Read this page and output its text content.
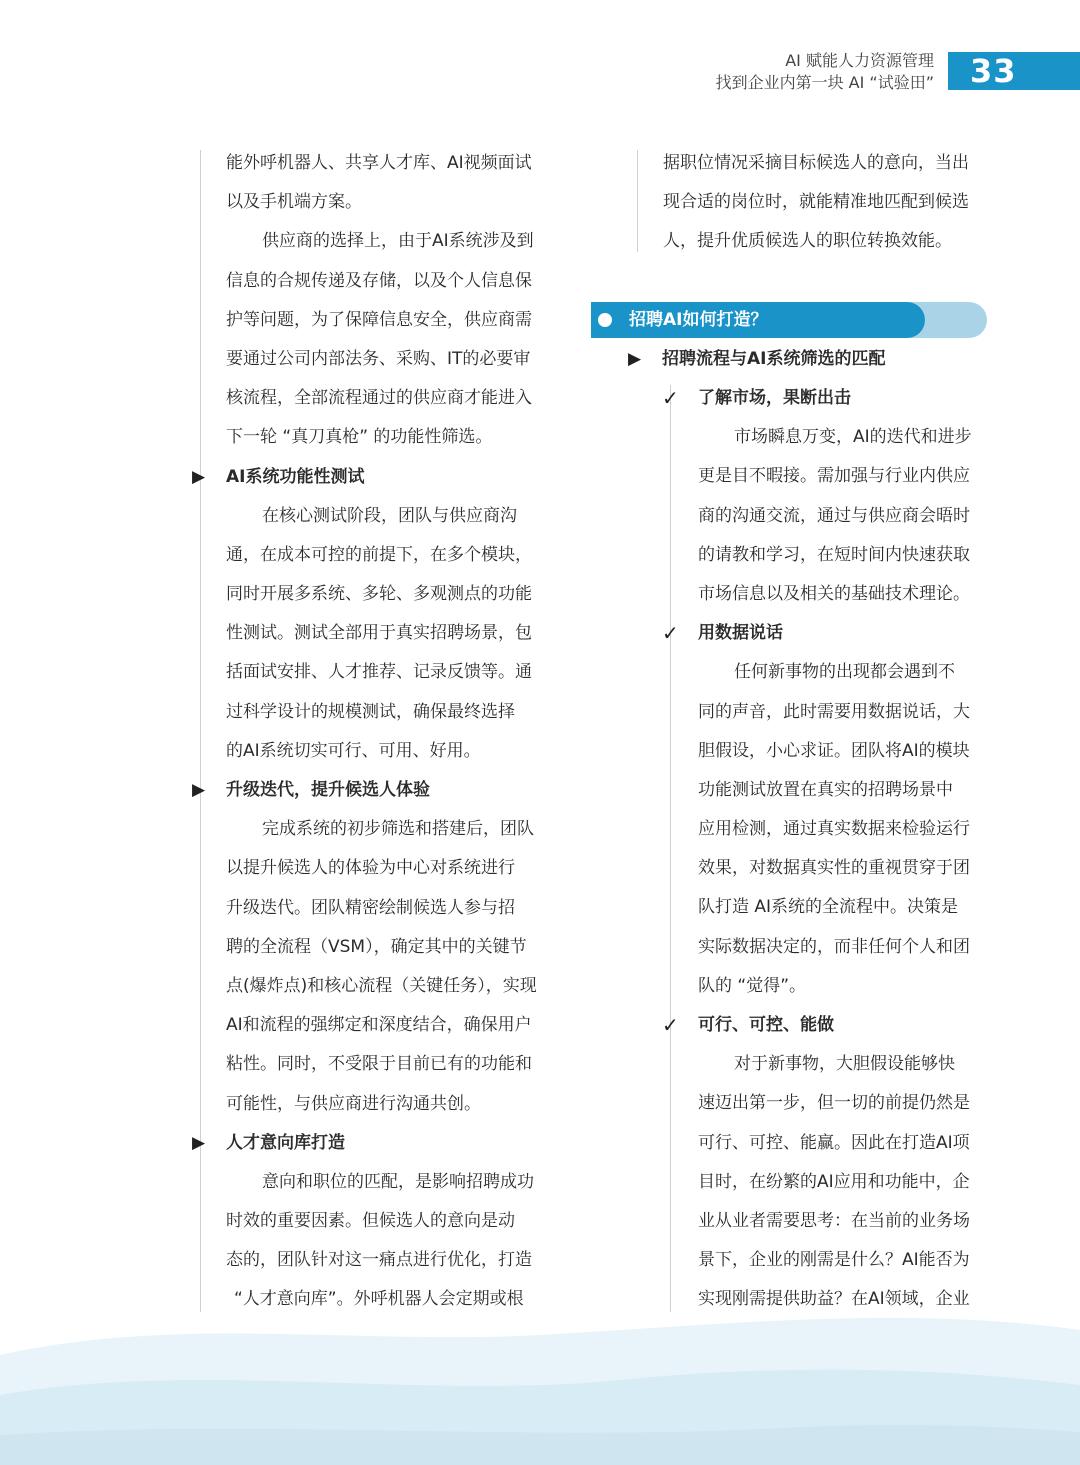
AI 赋能人力资源管理
找到企业内第一块 AI “试验田”	33
能外呼机器人、共享人才库、AI视频面试
以及手机端方案。
供应商的选择上，由于AI系统涉及到
信息的合规传递及存储，以及个人信息保
护等问题，为了保障信息安全，供应商需
要通过公司内部法务、采购、IT的必要审
核流程，全部流程通过的供应商才能进入
下一轮 “真刀真枪” 的功能性筛选。
▶ AI系统功能性测试
在核心测试阶段，团队与供应商沟
通，在成本可控的前提下，在多个模块，
同时开展多系统、多轮、多观测点的功能
性测试。测试全部用于真实招聘场景，包
括面试安排、人才推荐、记录反馈等。通
过科学设计的规模测试，确保最终选择
的AI系统切实可行、可用、好用。
▶ 升级迭代，提升候选人体验
完成系统的初步筛选和搭建后，团队
以提升候选人的体验为中心对系统进行
升级迭代。团队精密绘制候选人参与招
聘的全流程（VSM），确定其中的关键节
点(爆炸点)和核心流程（关键任务），实现
AI和流程的强绑定和深度结合，确保用户
粘性。同时，不受限于目前已有的功能和
可能性，与供应商进行沟通共创。
▶ 人才意向库打造
意向和职位的匹配，是影响招聘成功
时效的重要因素。但候选人的意向是动
态的，团队针对这一痛点进行优化，打造
“人才意向库”。外呼机器人会定期或根
据职位情况采摘目标候选人的意向，当出
现合适的岗位时，就能精准地匹配到候选
人，提升优质候选人的职位转换效能。
招聘AI如何打造？
▶ 招聘流程与AI系统筛选的匹配
✓ 了解市场，果断出击
市场瞬息万变，AI的迭代和进步
更是目不暇接。需加强与行业内供应
商的沟通交流，通过与供应商会晤时
的请教和学习，在短时间内快速获取
市场信息以及相关的基础技术理论。
✓ 用数据说话
任何新事物的出现都会遇到不
同的声音，此时需要用数据说话，大
胆假设，小心求证。团队将AI的模块
功能测试放置在真实的招聘场景中
应用检测，通过真实数据来检验运行
效果，对数据真实性的重视贯穿于团
队打造 AI系统的全流程中。决策是
实际数据决定的，而非任何个人和团
队的 “觉得”。
✓ 可行、可控、能做
对于新事物，大胆假设能够快
速迈出第一步，但一切的前提仍然是
可行、可控、能赢。因此在打造AI项
目时，在纷繁的AI应用和功能中，企
业从业者需要思考：在当前的业务场
景下，企业的刚需是什么？AI能否为
实现刚需提供助益？在AI领域，企业
